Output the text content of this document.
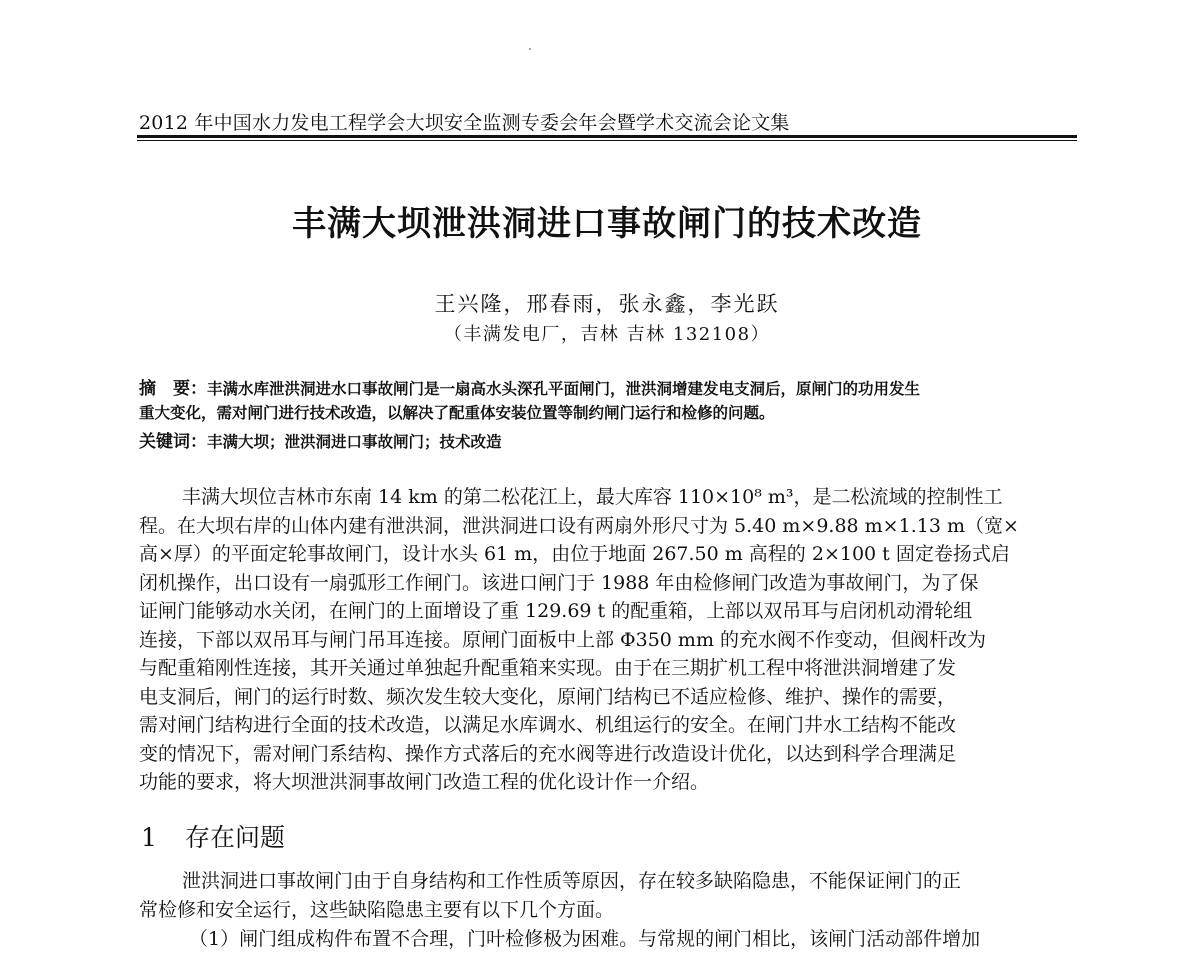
2012 年中国水力发电工程学会大坝安全监测专委会年会暨学术交流会论文集
丰满大坝泄洪洞进口事故闸门的技术改造
王兴隆，邢春雨，张永鑫，李光跃
（丰满发电厂，吉林 吉林 132108）
摘　要：丰满水库泄洪洞进水口事故闸门是一扇高水头深孔平面闸门，泄洪洞增建发电支洞后，原闸门的功用发生
重大变化，需对闸门进行技术改造，以解决了配重体安装位置等制约闸门运行和检修的问题。
关键词：丰满大坝；泄洪洞进口事故闸门；技术改造
丰满大坝位吉林市东南 14 km 的第二松花江上，最大库容 110×10⁸ m³，是二松流域的控制性工
程。在大坝右岸的山体内建有泄洪洞，泄洪洞进口设有两扇外形尺寸为 5.40 m×9.88 m×1.13 m（宽×
高×厚）的平面定轮事故闸门，设计水头 61 m，由位于地面 267.50 m 高程的 2×100 t 固定卷扬式启
闭机操作，出口设有一扇弧形工作闸门。该进口闸门于 1988 年由检修闸门改造为事故闸门，为了保
证闸门能够动水关闭，在闸门的上面增设了重 129.69 t 的配重箱，上部以双吊耳与启闭机动滑轮组
连接，下部以双吊耳与闸门吊耳连接。原闸门面板中上部 Φ350 mm 的充水阀不作变动，但阀杆改为
与配重箱刚性连接，其开关通过单独起升配重箱来实现。由于在三期扩机工程中将泄洪洞增建了发
电支洞后，闸门的运行时数、频次发生较大变化，原闸门结构已不适应检修、维护、操作的需要，
需对闸门结构进行全面的技术改造，以满足水库调水、机组运行的安全。在闸门井水工结构不能改
变的情况下，需对闸门系结构、操作方式落后的充水阀等进行改造设计优化，以达到科学合理满足
功能的要求，将大坝泄洪洞事故闸门改造工程的优化设计作一介绍。
1 存在问题
泄洪洞进口事故闸门由于自身结构和工作性质等原因，存在较多缺陷隐患，不能保证闸门的正
常检修和安全运行，这些缺陷隐患主要有以下几个方面。
（1）闸门组成构件布置不合理，门叶检修极为困难。与常规的闸门相比，该闸门活动部件增加
